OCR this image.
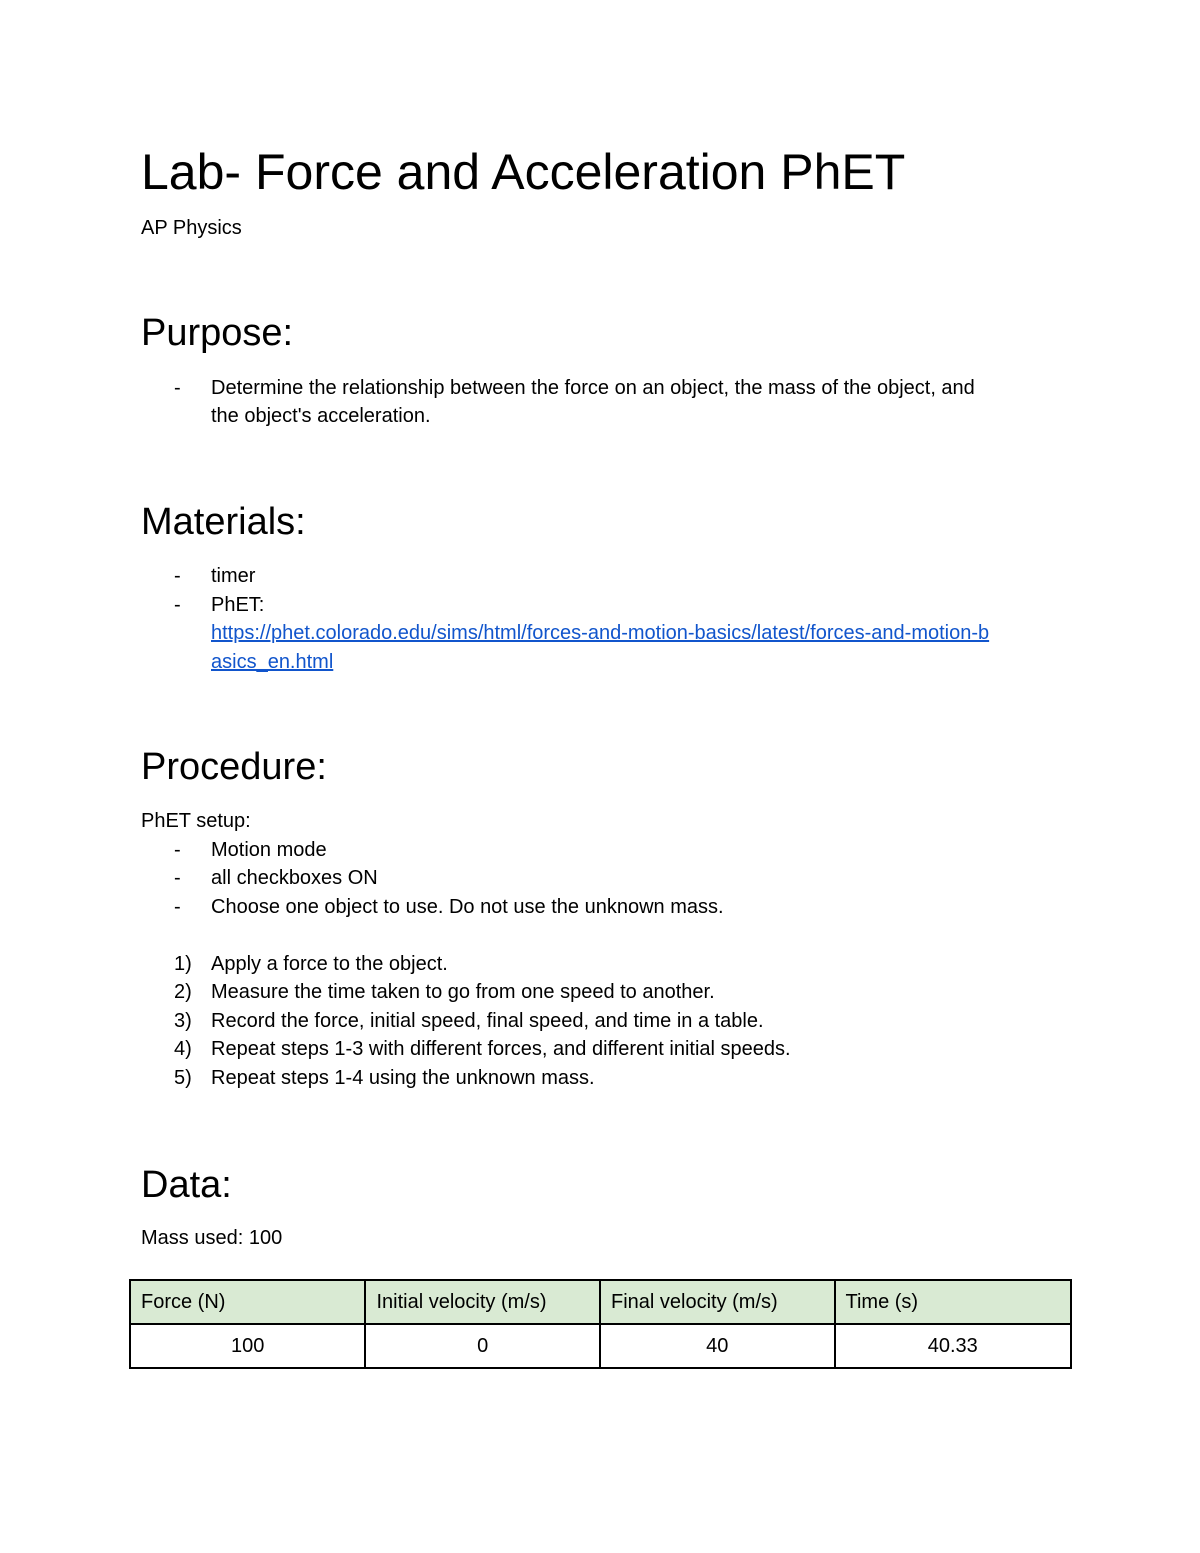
Lab- Force and Acceleration PhET
AP Physics
Purpose:
- Determine the relationship between the force on an object, the mass of the object, and
the object's acceleration.
Materials:
- timer
- PhET:
https://phet.colorado.edu/sims/html/forces-and-motion-basics/latest/forces-and-motion-b
asics_en.html
Procedure:
PhET setup:
- Motion mode
- all checkboxes ON
- Choose one object to use. Do not use the unknown mass.
1) Apply a force to the object.
2) Measure the time taken to go from one speed to another.
3) Record the force, initial speed, final speed, and time in a table.
4) Repeat steps 1-3 with different forces, and different initial speeds.
5) Repeat steps 1-4 using the unknown mass.
Data:
Mass used: 100
Force (N)	Initial velocity (m/s)	Final velocity (m/s)	Time (s)
100	0	40	40.33
